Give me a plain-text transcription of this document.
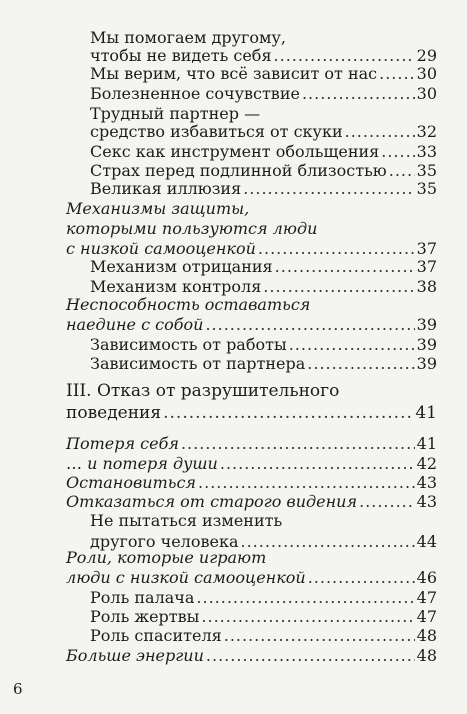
Мы помогаем другому,
чтобы не видеть себя .....	29
Мы верим, что всё зависит от нас ..... 30
Болезненное сочувствие .....	30
Трудный партнер —
средство избавиться от скуки .....	32
Секс как инструмент обольщения ..... 33
Страх перед подлинной близостью ..... 35
Великая иллюзия .....	35
Механизмы защиты,
которыми пользуются люди
с низкой самооценкой .....	37
Механизм отрицания .....	37
Механизм контроля .....	38
Неспособность оставаться
наедине с собой .....	39
Зависимость от работы .....	39
Зависимость от партнера .....	39
III. Отказ от разрушительного
поведения .....	41
Потеря себя .....	41
… и потеря души .....	42
Остановиться .....	43
Отказаться от старого видения .....	43
Не пытаться изменить
другого человека .....	44
Роли, которые играют
люди с низкой самооценкой .....	46
Роль палача .....	47
Роль жертвы .....	47
Роль спасителя .....	48
Больше энергии .....	48
6
